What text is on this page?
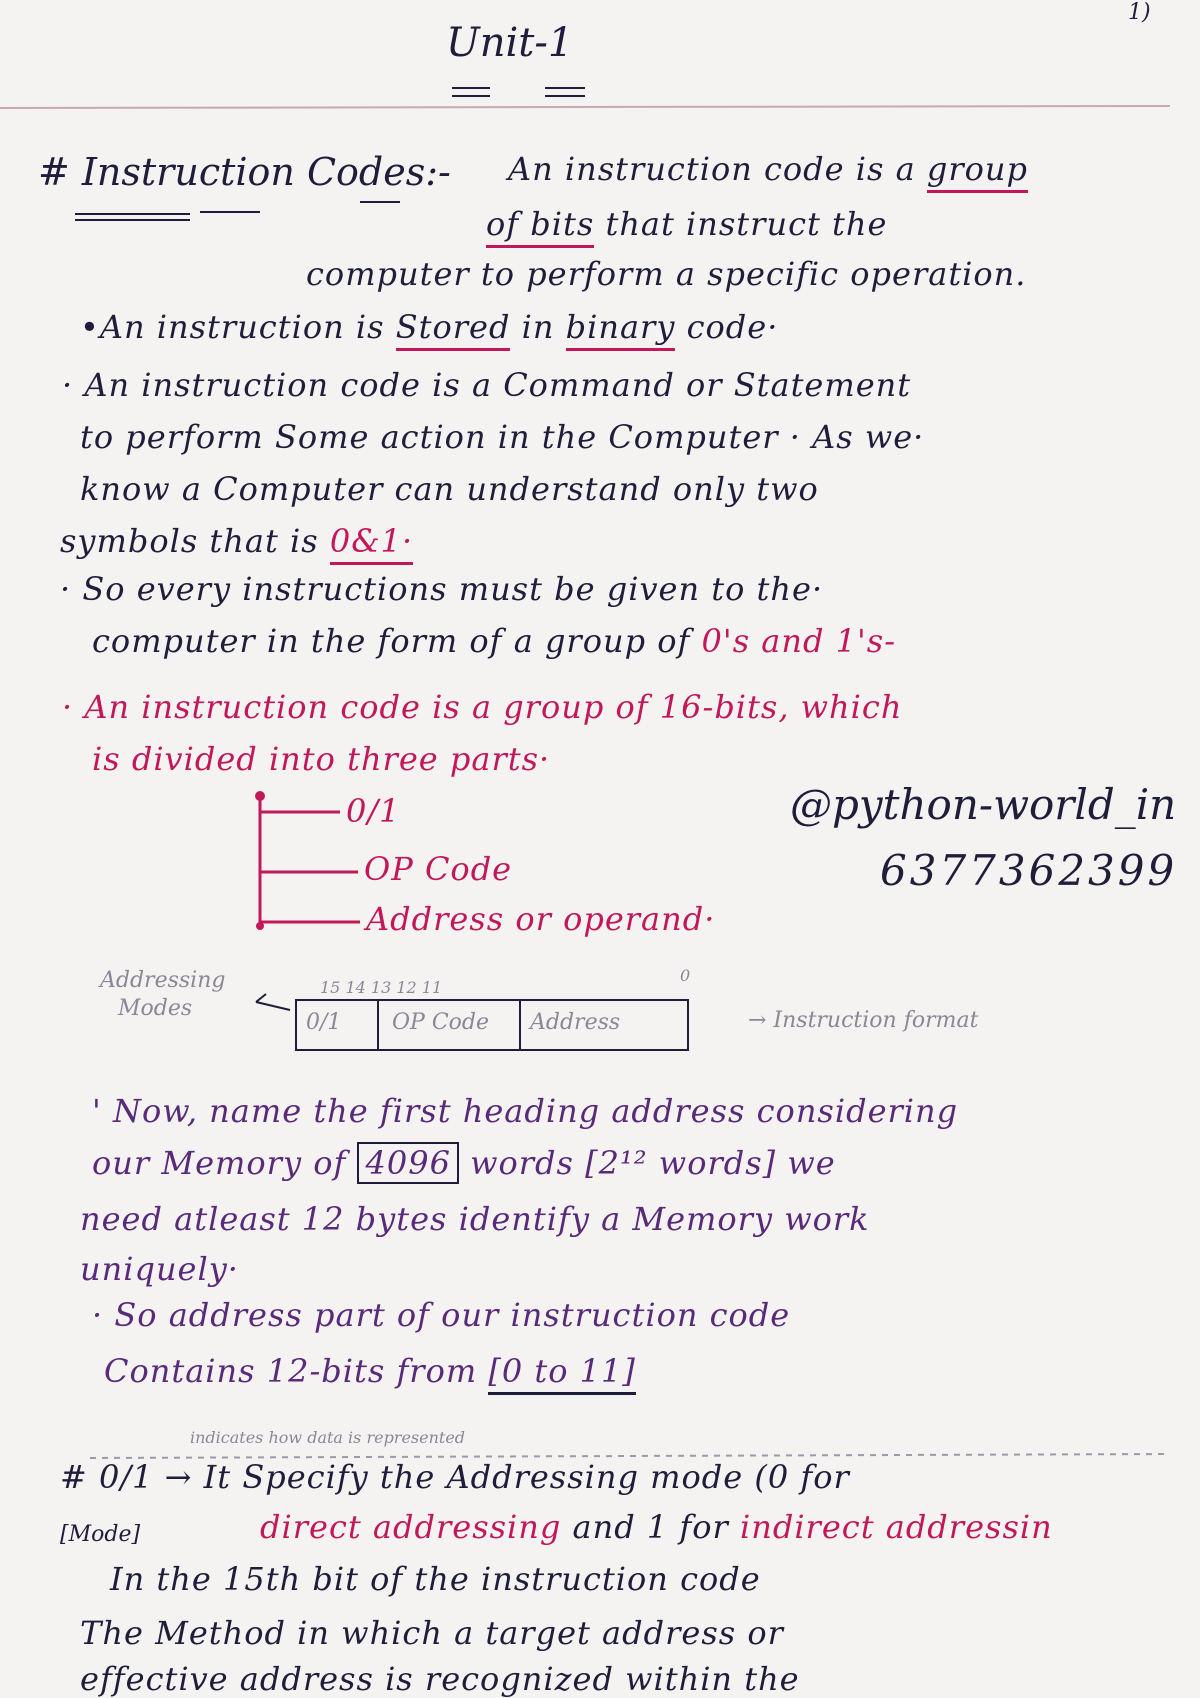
1)
Unit-1
# Instruction Codes:- An instruction code is a group
of bits that instruct the
computer to perform a specific operation.
•An instruction is Stored in binary code·
· An instruction code is a Command or Statement
to perform Some action in the Computer · As we·
know a Computer can understand only two
symbols that is 0&1·
· So every instructions must be given to the·
computer in the form of a group of 0's and 1's-
· An instruction code is a group of 16-bits, which
is divided into three parts·
0/1
OP Code
Address or operand·
@python-world_in
6377362399
Addressing
Modes
15 14 13 12 11
0
0/1 OP Code Address	→ Instruction format
' Now, name the first heading address considering
our Memory of 4096 words [2¹² words] we
need atleast 12 bytes identify a Memory work
uniquely·
· So address part of our instruction code
Contains 12-bits from [0 to 11]
indicates how data is represented
# 0/1 → It Specify the Addressing mode (0 for
[Mode]	direct addressing and 1 for indirect addressin
In the 15th bit of the instruction code
The Method in which a target address or
effective address is recognized within the
